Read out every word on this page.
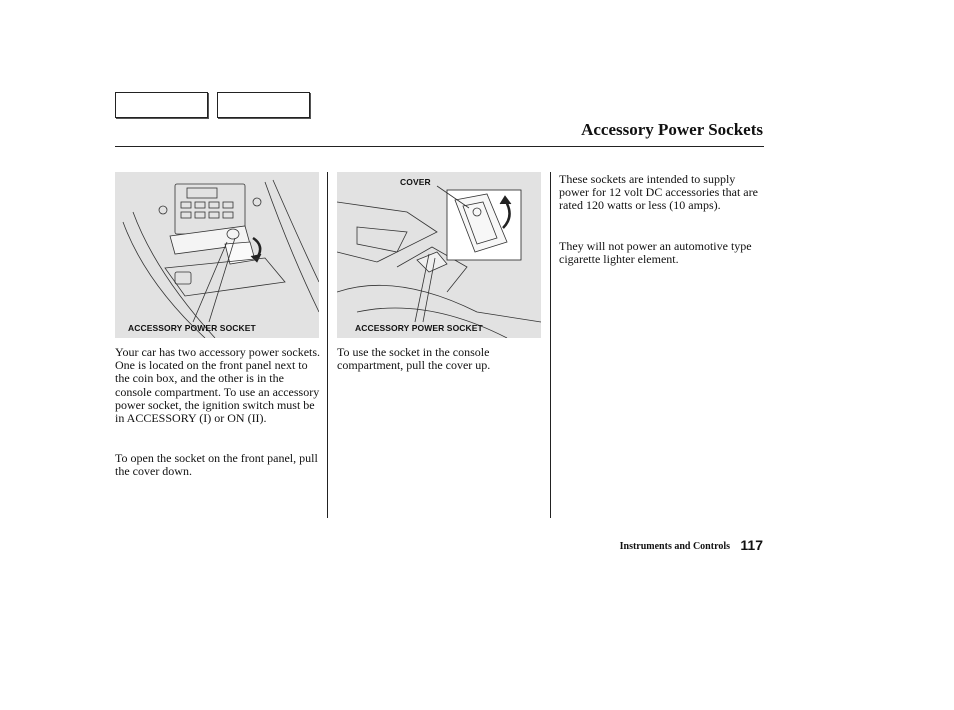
Accessory Power Sockets
ACCESSORY POWER SOCKET
COVER
ACCESSORY POWER SOCKET
Your car has two accessory power sockets. One is located on the front panel next to the coin box, and the other is in the console compartment. To use an accessory power socket, the ignition switch must be in ACCESSORY (I) or ON (II).
To open the socket on the front panel, pull the cover down.
To use the socket in the console compartment, pull the cover up.
These sockets are intended to supply power for 12 volt DC accessories that are rated 120 watts or less (10 amps).
They will not power an automotive type cigarette lighter element.
Instruments and Controls 117
